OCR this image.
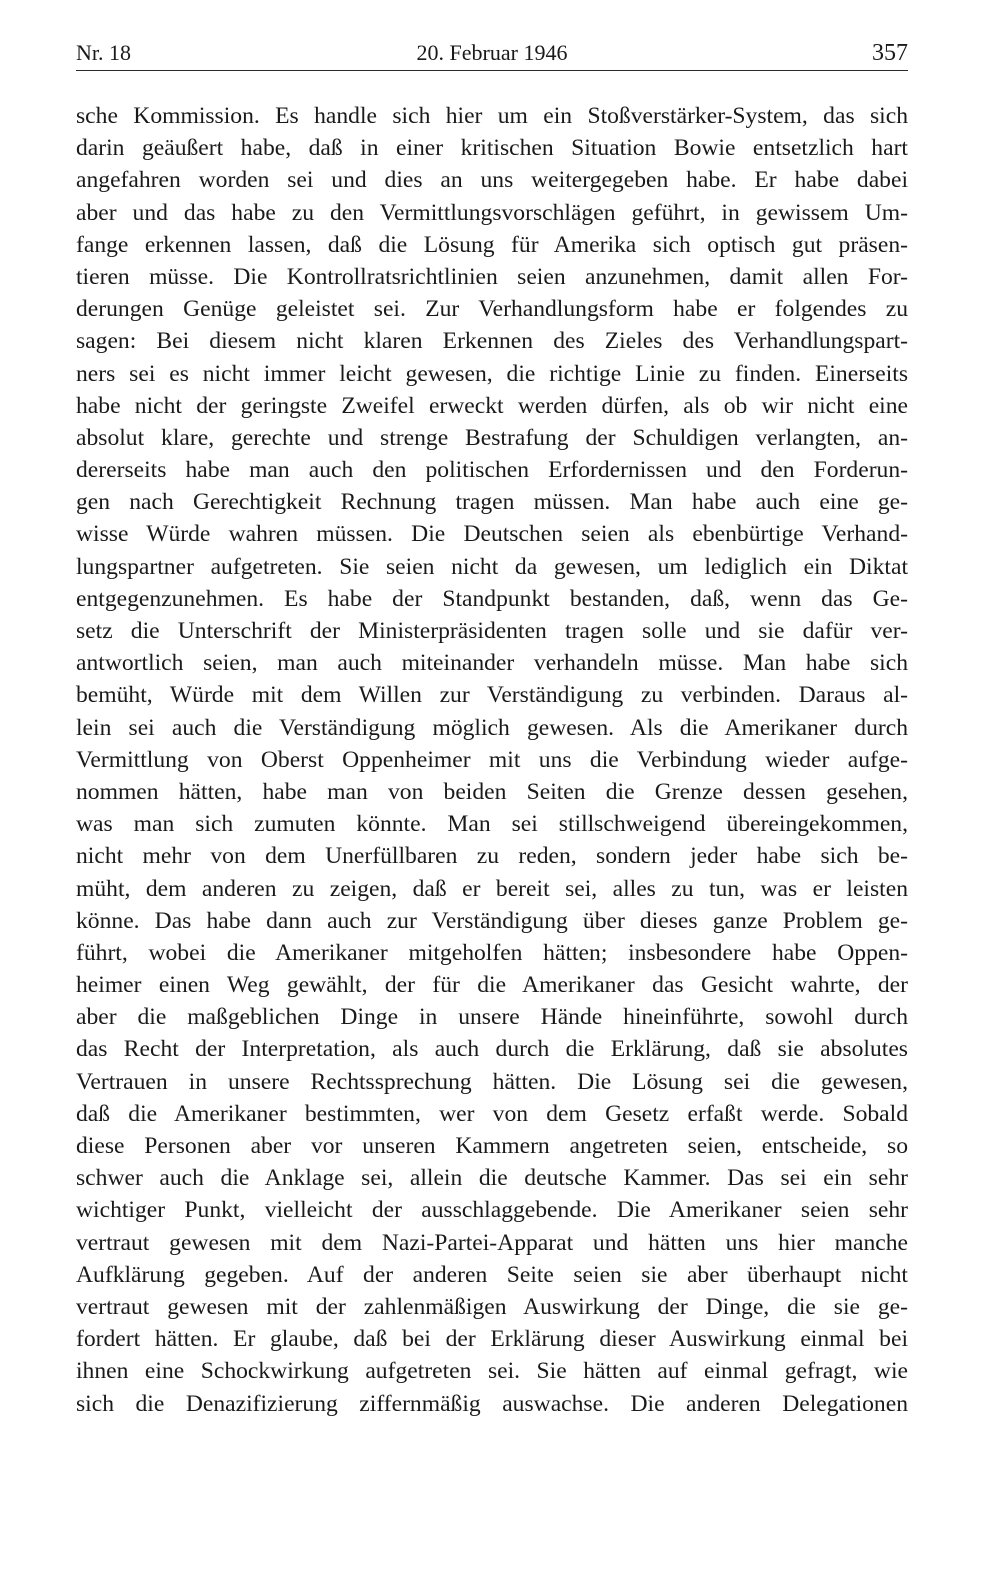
Nr. 18	20. Februar 1946	357
sche Kommission. Es handle sich hier um ein Stoßverstärker-System, das sich
darin geäußert habe, daß in einer kritischen Situation Bowie entsetzlich hart
angefahren worden sei und dies an uns weitergegeben habe. Er habe dabei
aber und das habe zu den Vermittlungsvorschlägen geführt, in gewissem Um-
fange erkennen lassen, daß die Lösung für Amerika sich optisch gut präsen-
tieren müsse. Die Kontrollratsrichtlinien seien anzunehmen, damit allen For-
derungen Genüge geleistet sei. Zur Verhandlungsform habe er folgendes zu
sagen: Bei diesem nicht klaren Erkennen des Zieles des Verhandlungspart-
ners sei es nicht immer leicht gewesen, die richtige Linie zu finden. Einerseits
habe nicht der geringste Zweifel erweckt werden dürfen, als ob wir nicht eine
absolut klare, gerechte und strenge Bestrafung der Schuldigen verlangten, an-
dererseits habe man auch den politischen Erfordernissen und den Forderun-
gen nach Gerechtigkeit Rechnung tragen müssen. Man habe auch eine ge-
wisse Würde wahren müssen. Die Deutschen seien als ebenbürtige Verhand-
lungspartner aufgetreten. Sie seien nicht da gewesen, um lediglich ein Diktat
entgegenzunehmen. Es habe der Standpunkt bestanden, daß, wenn das Ge-
setz die Unterschrift der Ministerpräsidenten tragen solle und sie dafür ver-
antwortlich seien, man auch miteinander verhandeln müsse. Man habe sich
bemüht, Würde mit dem Willen zur Verständigung zu verbinden. Daraus al-
lein sei auch die Verständigung möglich gewesen. Als die Amerikaner durch
Vermittlung von Oberst Oppenheimer mit uns die Verbindung wieder aufge-
nommen hätten, habe man von beiden Seiten die Grenze dessen gesehen,
was man sich zumuten könnte. Man sei stillschweigend übereingekommen,
nicht mehr von dem Unerfüllbaren zu reden, sondern jeder habe sich be-
müht, dem anderen zu zeigen, daß er bereit sei, alles zu tun, was er leisten
könne. Das habe dann auch zur Verständigung über dieses ganze Problem ge-
führt, wobei die Amerikaner mitgeholfen hätten; insbesondere habe Oppen-
heimer einen Weg gewählt, der für die Amerikaner das Gesicht wahrte, der
aber die maßgeblichen Dinge in unsere Hände hineinführte, sowohl durch
das Recht der Interpretation, als auch durch die Erklärung, daß sie absolutes
Vertrauen in unsere Rechtssprechung hätten. Die Lösung sei die gewesen,
daß die Amerikaner bestimmten, wer von dem Gesetz erfaßt werde. Sobald
diese Personen aber vor unseren Kammern angetreten seien, entscheide, so
schwer auch die Anklage sei, allein die deutsche Kammer. Das sei ein sehr
wichtiger Punkt, vielleicht der ausschlaggebende. Die Amerikaner seien sehr
vertraut gewesen mit dem Nazi-Partei-Apparat und hätten uns hier manche
Aufklärung gegeben. Auf der anderen Seite seien sie aber überhaupt nicht
vertraut gewesen mit der zahlenmäßigen Auswirkung der Dinge, die sie ge-
fordert hätten. Er glaube, daß bei der Erklärung dieser Auswirkung einmal bei
ihnen eine Schockwirkung aufgetreten sei. Sie hätten auf einmal gefragt, wie
sich die Denazifizierung ziffernmäßig auswachse. Die anderen Delegationen
